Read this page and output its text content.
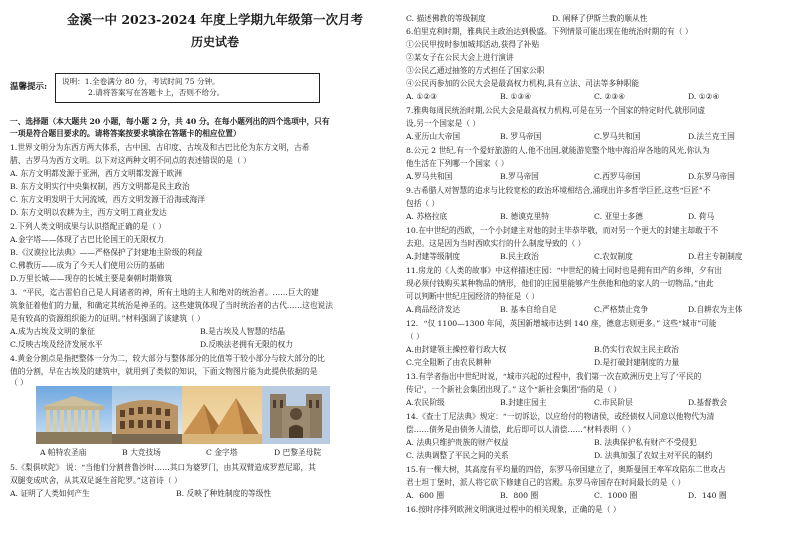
金溪一中 2023-2024 年度上学期九年级第一次月考
历史试卷
温馨提示:
说明：1.全卷满分 80 分，考试时间 75 分钟。
2.请将答案写在答题卡上，否则不给分。
一、选择题（本大题共 20 小题，每小题 2 分，共 40 分。在每小题列出的四个选项中，只有
一项是符合题目要求的。请将答案按要求填涂在答题卡的相应位置）
1.世界文明分为东西方两大体系，古中国、古印度、古埃及和古巴比伦为东方文明，古希
腊、古罗马为西方文明。以下对这两种文明不同点的表述错误的是（ ）
A. 东方文明都发源于亚洲，西方文明都发源于欧洲
B. 东方文明实行中央集权制，西方文明都是民主政治
C. 东方文明发明于大河流域，西方文明发源于沿海或海洋
D. 东方文明以农耕为主，西方文明工商业发达
2.下列人类文明成果与认识搭配正确的是（ ）
A.金字塔——体现了古巴比伦国王的无限权力
B.《汉谟拉比法典》——严格保护了封建地主阶级的利益
C.佛教历——成为了今天人们使用公历的基础
D.万里长城——现存的长城主要是秦朝时期修筑
3．“平民，迄古雷伯自己是人间诸者的神，所有土地的主人和绝对的统治者。……巨大的建
筑象征着他们的力量，和确定其统治是神圣的。这些建筑体现了当时统治者的古代……这也说法
是有较高的资源组织能力的证明。”材料强调了该建筑（ ）
A.成为古埃及文明的象征	B.是古埃及人智慧的结晶
C.反映古埃及经济发展水平	D.反映法老拥有无限的权力
4.黄金分割点是指把整体一分为二，较大部分与整体部分的比值等于较小部分与较大部分的比
值的分割，早在古埃及的建筑中，就用到了类似的知识，下面文物图片能为此提供依据的是
（ ）
A 帕特农圣庙	B 大竞技场	C 金字塔	D 巴黎圣母院
5.《梨俱吠陀》 说：“当他们分割普鲁沙时……其口为婆罗门，由其双臂造成罗惹尼耶，其
双腿变成吠舍，从其双足诞生首陀罗。”这首诗（ ）
A. 证明了人类如何产生	B. 反映了种姓制度的等级性
C. 描述佛教的等级制度	D. 阐释了伊斯兰教的顺从性
6.伯里克利时期，雅典民主政治达到极盛。下列情景可能出现在他统治时期的有（ ）
①公民甲按时参加城邦活动,获得了补贴
②某女子在公民大会上进行演讲
③公民乙通过抽签的方式担任了国家公职
④公民丙参加的公民大会是最高权力机构,具有立法、司法等多种职能
A. ①②③	B. ①③④	C. ②③④	D. ①②④
7.雅典每周民统治时期,公民大会是最高权力机构,可是在另一个国家的特定时代,就形同虚
设,另一个国家是（ ）
A.亚历山大帝国	B. 罗马帝国	C.罗马共和国	D.法兰克王国
8.公元 2 世纪,有一个爱好旅游的人,他不出国,就能游览整个地中海沿岸各地的风光,你认为
他生活在下列哪一个国家（ ）
A.罗马共和国	B.罗马帝国	C.西罗马帝国	D.东罗马帝国
9.古希腊人对智慧的追求与比较宽松的政治环境相结合,涌现出许多哲学巨匠,这些“巨匠”不
包括（ ）
A. 苏格拉底	B. 德谟克里特	C. 亚里士多德	D. 荷马
10.在中世纪的西欧，一个小封建主对他的封主毕恭毕敬，而对另一个更大的封建主却敢于不
去迎。这是因为当时西欧实行的什么制度导致的（ ）
A.封建等级制度	B.民主政治	C.农奴制度	D.君主专制制度
11.房龙的《人类的故事》中这样描述庄园：“中世纪的骑士同时也是拥有田产的乡绅，夕有出
现必须付钱购买某种物品的情形，他们的庄园里能够产生供他和他的家人的一切物品。”由此
可以判断中世纪庄园经济的特征是（ ）
A.商品经济发达	B. 基本自给自足	C.严格禁止竞争	D.自耕农为主体
12．“仅 1100—1300 年间，英国新增城市达到 140 座，德意志则更多。” 这些“城市”可能
（ ）
A.由封建领主操控着行政大权	B.仍实行农奴主民主政治
C.完全阻断了由农民耕种	D.是打破封建制度的力量
13.有学者指出中世纪时说，“城市兴起的过程中，我们第一次在欧洲历史上写了‘平民的
传记’，一个新社会集团出现了。” 这个“新社会集团”指的是（ ）
A.农民阶级	B.封建庄园主	C.市民阶层	D.基督教会
14.《查士丁尼法典》规定：“一切诉讼，以应给付的物诸侯，或经债权人同意以他物代为清
偿……债务是由债务人清偿，此后即可以人清偿……”材料表明（ ）
A. 法典只维护贵族的财产权益	B. 法典保护私有财产不受侵犯
C. 法典调整了平民之间的关系	D. 法典加强了农奴主对平民的制约
15.有一棵大树，其高度有平均量的四倍，东罗马帝国建立了，奥斯曼国王率军攻陷东二世攻占
君士坦丁堡时，派人将它砍下修建自己的宫殿。东罗马帝国存在时间最长的是（ ）
A．600 圈	B．800 圈	C．1000 圈	D．140 圈
16.按时序排列欧洲文明演进过程中的相关现象，正确的是（ ）
